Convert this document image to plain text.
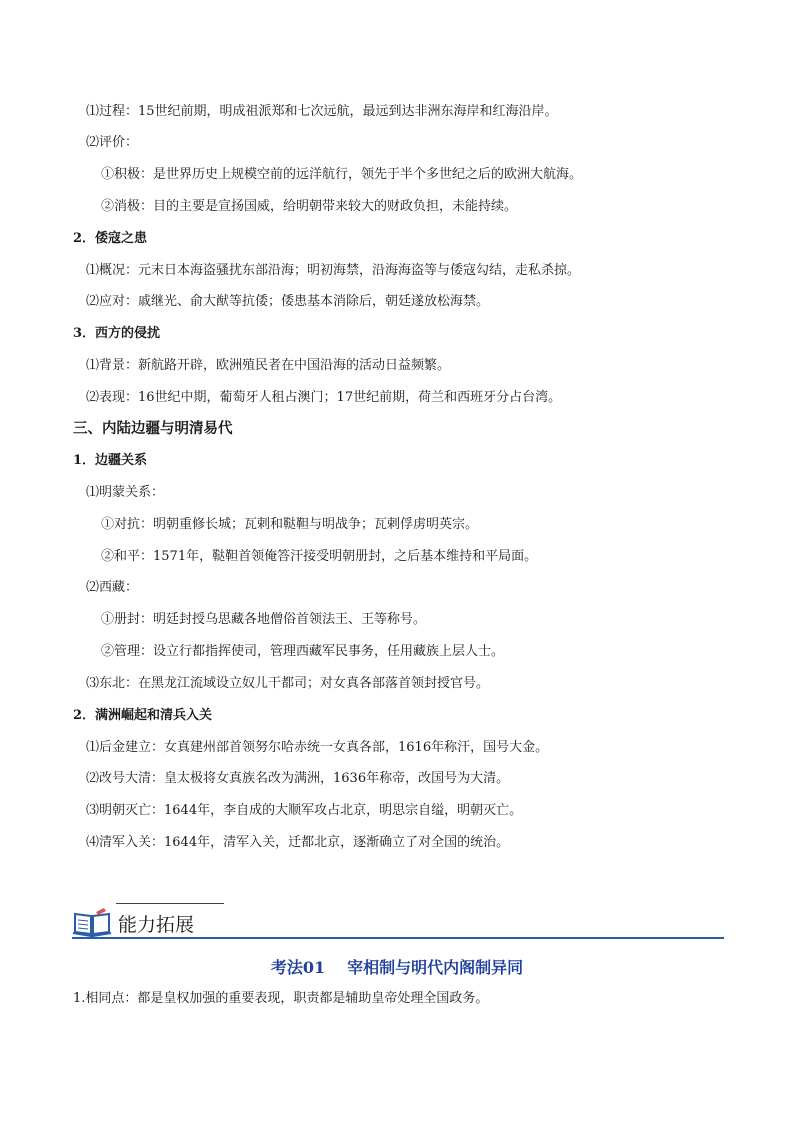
⑴过程：15世纪前期，明成祖派郑和七次远航，最远到达非洲东海岸和红海沿岸。
⑵评价：
①积极：是世界历史上规模空前的远洋航行，领先于半个多世纪之后的欧洲大航海。
②消极：目的主要是宣扬国威，给明朝带来较大的财政负担，未能持续。
2．倭寇之患
⑴概况：元末日本海盗骚扰东部沿海；明初海禁，沿海海盗等与倭寇勾结，走私杀掠。
⑵应对：戚继光、俞大猷等抗倭；倭患基本消除后，朝廷遂放松海禁。
3．西方的侵扰
⑴背景：新航路开辟，欧洲殖民者在中国沿海的活动日益频繁。
⑵表现：16世纪中期，葡萄牙人租占澳门；17世纪前期，荷兰和西班牙分占台湾。
三、内陆边疆与明清易代
1．边疆关系
⑴明蒙关系：
①对抗：明朝重修长城；瓦剌和鞑靼与明战争；瓦剌俘虏明英宗。
②和平：1571年，鞑靼首领俺答汗接受明朝册封，之后基本维持和平局面。
⑵西藏：
①册封：明廷封授乌思藏各地僧俗首领法王、王等称号。
②管理：设立行都指挥使司，管理西藏军民事务，任用藏族上层人士。
⑶东北：在黑龙江流域设立奴儿干都司；对女真各部落首领封授官号。
2．满洲崛起和清兵入关
⑴后金建立：女真建州部首领努尔哈赤统一女真各部，1616年称汗，国号大金。
⑵改号大清：皇太极将女真族名改为满洲，1636年称帝，改国号为大清。
⑶明朝灭亡：1644年，李自成的大顺军攻占北京，明思宗自缢，明朝灭亡。
⑷清军入关：1644年，清军入关，迁都北京，逐渐确立了对全国的统治。
能力拓展
考法01 宰相制与明代内阁制异同
1.相同点：都是皇权加强的重要表现，职责都是辅助皇帝处理全国政务。
